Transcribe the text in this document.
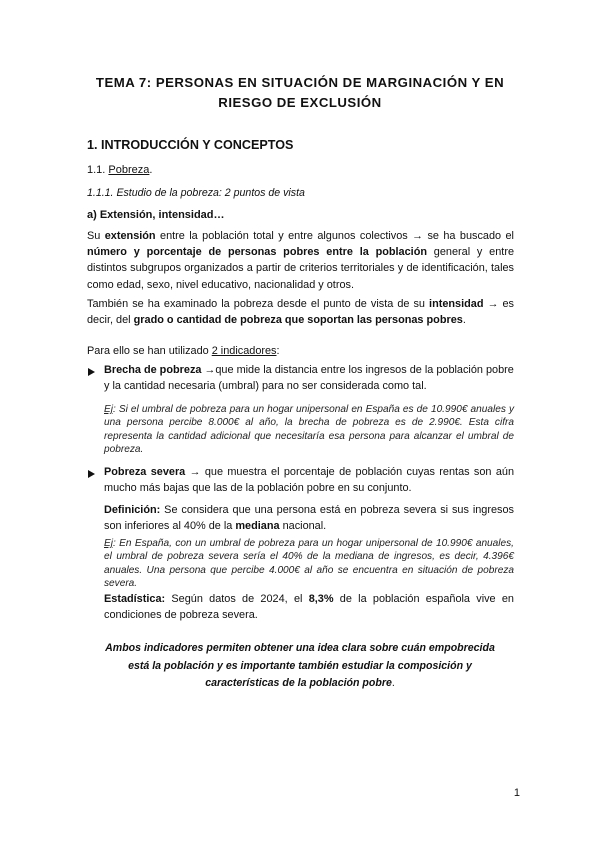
TEMA 7: PERSONAS EN SITUACIÓN DE MARGINACIÓN Y EN
RIESGO DE EXCLUSIÓN
1. INTRODUCCIÓN Y CONCEPTOS
1.1. Pobreza.
1.1.1. Estudio de la pobreza: 2 puntos de vista
a) Extensión, intensidad…
Su extensión entre la población total y entre algunos colectivos → se ha buscado el número y porcentaje de personas pobres entre la población general y entre distintos subgrupos organizados a partir de criterios territoriales y de identificación, tales como edad, sexo, nivel educativo, nacionalidad y otros.
También se ha examinado la pobreza desde el punto de vista de su intensidad → es decir, del grado o cantidad de pobreza que soportan las personas pobres.
Para ello se han utilizado 2 indicadores:
Brecha de pobreza →que mide la distancia entre los ingresos de la población pobre y la cantidad necesaria (umbral) para no ser considerada como tal.
Ej: Si el umbral de pobreza para un hogar unipersonal en España es de 10.990€ anuales y una persona percibe 8.000€ al año, la brecha de pobreza es de 2.990€. Esta cifra representa la cantidad adicional que necesitaría esa persona para alcanzar el umbral de pobreza.
Pobreza severa → que muestra el porcentaje de población cuyas rentas son aún mucho más bajas que las de la población pobre en su conjunto.
Definición: Se considera que una persona está en pobreza severa si sus ingresos son inferiores al 40% de la mediana nacional.
Ej: En España, con un umbral de pobreza para un hogar unipersonal de 10.990€ anuales, el umbral de pobreza severa sería el 40% de la mediana de ingresos, es decir, 4.396€ anuales. Una persona que percibe 4.000€ al año se encuentra en situación de pobreza severa.
Estadística: Según datos de 2024, el 8,3% de la población española vive en condiciones de pobreza severa.
Ambos indicadores permiten obtener una idea clara sobre cuán empobrecida
está la población y es importante también estudiar la composición y
características de la población pobre.
1
